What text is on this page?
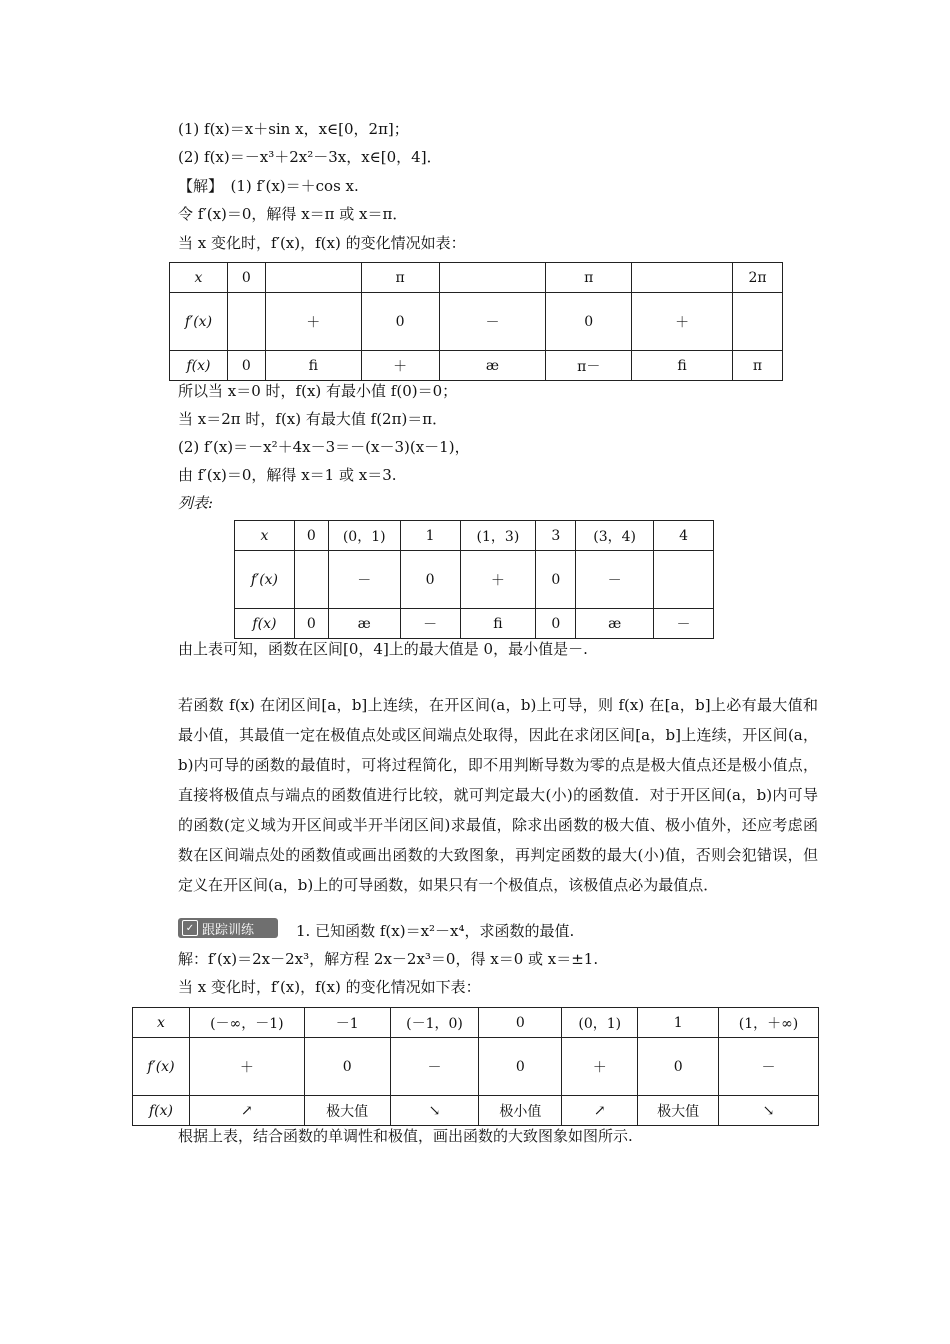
(1) f(x)＝x＋sin x，x∈[0，2π]；
(2) f(x)＝－x³＋2x²－3x，x∈[0，4]．
【解】　(1) f′(x)＝＋cos x.
令 f′(x)＝0，解得 x＝π 或 x＝π．
当 x 变化时，f′(x)，f(x) 的变化情况如表：
x	0		π		π		2π
f′(x)		＋	0	－	0	＋	
f(x)	0	ﬁ	＋	æ	π－	ﬁ	π
所以当 x＝0 时，f(x) 有最小值 f(0)＝0；
当 x＝2π 时，f(x) 有最大值 f(2π)＝π．
(2) f′(x)＝－x²＋4x－3＝－(x－3)(x－1)，
由 f′(x)＝0，解得 x＝1 或 x＝3.
列表:
x	0	(0，1)	1	(1，3)	3	(3，4)	4
f′(x)		－	0	＋	0	－	
f(x)	0	æ	－	ﬁ	0	æ	－
由上表可知，函数在区间[0，4]上的最大值是 0，最小值是－.
若函数 f(x) 在闭区间[a，b]上连续，在开区间(a，b)上可导，则 f(x) 在[a，b]上必有最大值和最小值，其最值一定在极值点处或区间端点处取得，因此在求闭区间[a，b]上连续，开区间(a，b)内可导的函数的最值时，可将过程简化，即不用判断导数为零的点是极大值点还是极小值点，直接将极值点与端点的函数值进行比较，就可判定最大(小)的函数值．对于开区间(a，b)内可导的函数(定义域为开区间或半开半闭区间)求最值，除求出函数的极大值、极小值外，还应考虑函数在区间端点处的函数值或画出函数的大致图象，再判定函数的最大(小)值，否则会犯错误，但定义在开区间(a，b)上的可导函数，如果只有一个极值点，该极值点必为最值点．
✓ 跟踪训练	1. 已知函数 f(x)＝x²－x⁴，求函数的最值.
解：f′(x)＝2x－2x³，解方程 2x－2x³＝0，得 x＝0 或 x＝±1.
当 x 变化时，f′(x)，f(x) 的变化情况如下表：
x	(－∞，－1)	－1	(－1，0)	0	(0，1)	1	(1，＋∞)
f′(x)	＋	0	－	0	＋	0	－
f(x)	↗	极大值	↘	极小值	↗	极大值	↘
根据上表，结合函数的单调性和极值，画出函数的大致图象如图所示.
